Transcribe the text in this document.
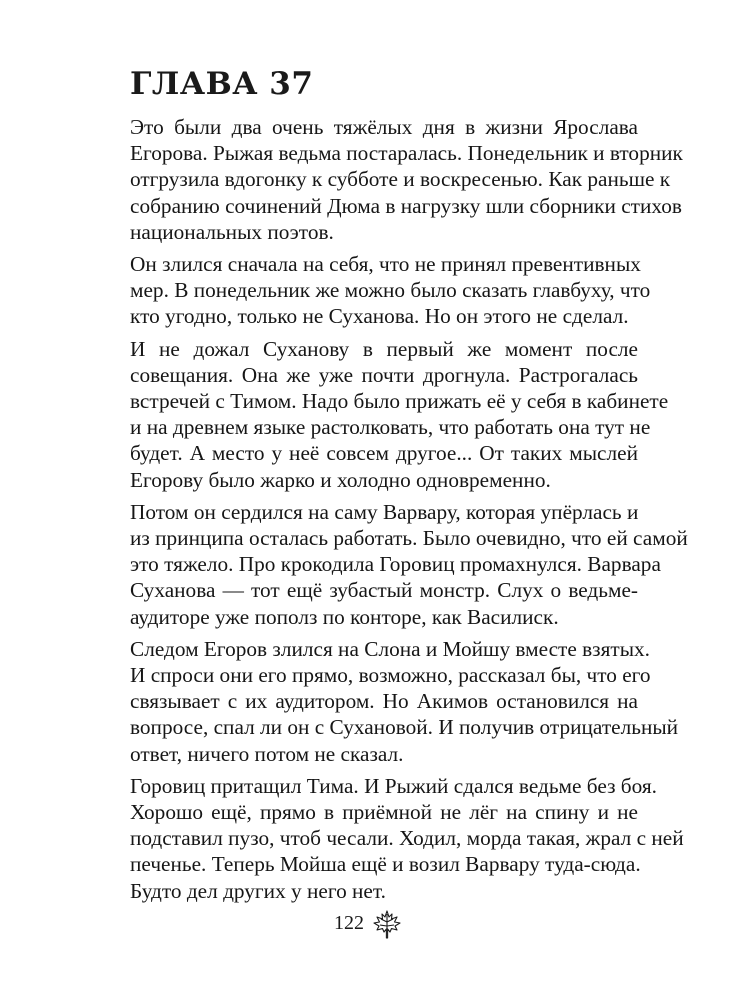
ГЛАВА 37
Это были два очень тяжёлых дня в жизни Ярослава
Егорова. Рыжая ведьма постаралась. Понедельник и вторник
отгрузила вдогонку к субботе и воскресенью. Как раньше к
собранию сочинений Дюма в нагрузку шли сборники стихов
национальных поэтов.
Он злился сначала на себя, что не принял превентивных
мер. В понедельник же можно было сказать главбуху, что
кто угодно, только не Суханова. Но он этого не сделал.
И не дожал Суханову в первый же момент после
совещания. Она же уже почти дрогнула. Растрогалась
встречей с Тимом. Надо было прижать её у себя в кабинете
и на древнем языке растолковать, что работать она тут не
будет. А место у неё совсем другое... От таких мыслей
Егорову было жарко и холодно одновременно.
Потом он сердился на саму Варвару, которая упёрлась и
из принципа осталась работать. Было очевидно, что ей самой
это тяжело. Про крокодила Горовиц промахнулся. Варвара
Суханова — тот ещё зубастый монстр. Слух о ведьме-
аудиторе уже пополз по конторе, как Василиск.
Следом Егоров злился на Слона и Мойшу вместе взятых.
И спроси они его прямо, возможно, рассказал бы, что его
связывает с их аудитором. Но Акимов остановился на
вопросе, спал ли он с Сухановой. И получив отрицательный
ответ, ничего потом не сказал.
Горовиц притащил Тима. И Рыжий сдался ведьме без боя.
Хорошо ещё, прямо в приёмной не лёг на спину и не
подставил пузо, чтоб чесали. Ходил, морда такая, жрал с ней
печенье. Теперь Мойша ещё и возил Варвару туда-сюда.
Будто дел других у него нет.
122
